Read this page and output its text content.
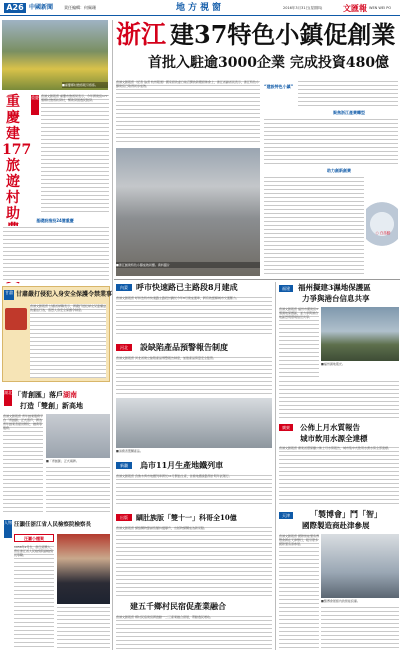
A26 中國新聞	責任編輯：何佩珊	地方視窗	2016年3月31日(星期四)	文匯報 WEN WEI PO
■重慶鄉村旅遊吸引遊客。
重慶建177旅遊村助
重慶 香港文匯報訊 重慶市旅遊局表示，今年將建設177個鄉村旅遊扶貧村，幫助貧困農民脫貧。
基礎設施投24億重慶
甘肅 甘肅嚴打侵犯入身安全保護令禁業事
香港文匯報訊 甘肅省婦聯表示，將嚴打侵犯婦女兒童權益的違法行為，落實人身安全保護令制度。
湖北 「青創匯」落戶湖南
打造「雙創」新高地
香港文匯報訊 青年創業服務平台「青創匯」正式落戶，將為青年創業者提供孵化、融資等服務。
■「青創匯」正式揭牌。
人物 汪灝任浙江省人民檢察院檢察長
汪灝小檔案
1958年2月生，浙江紹興人，曾任浙江省人民檢察院副檢察長等職。
浙江 建37特色小鎮促創業
首批入駐逾3000企業 完成投資480億
香港文匯報訊（記者 翁書 杭州報道）國家發改委日前召開的新聞發佈會上，浙江省副省長表示，浙江特色小鎮建設已取得初步成效。
■浙江創建特色小鎮成效初顯。資料圖片
“建設特色小鎮”
聚焦浙江產業轉型
助力創新創業
○ 白話動
內蒙	呼市快速路已主路段8月建成
香港文匯報訊 呼和浩特市快速路主路段計劃於今年8月建成通車，將有效緩解城市交通壓力。
河北	設缺陷產品預警報告制度
香港文匯報訊 河北省建立缺陷產品預警報告制度，加強產品質量安全監管。
■消費者選購產品。
新疆	烏市11月生產地鐵列車
香港文匯報訊 烏魯木齊市地鐵列車將於11月開始生產，首條地鐵線路預計明年試運行。
出版	瞓肚族版「雙十一」科哥全10億
香港文匯報訊 網絡購物節銷售額持續攀升，出版物網購成為新亮點。
建五千鄉村民宿促產業融合
香港文匯報訊 鄉村民宿建設將推動一二三產業融合發展，帶動農民增收。
福建	福州擬建3濕地保護區
力爭與港台信息共享
香港文匯報訊 福州市擬建設3個濕地保護區，並力爭與港台地區實現環境信息共享。
■福州濕地風光。
廣東	公佈上月水質報告
城市飲用水源全達標
香港文匯報訊 廣東省環保廳公佈上月水質報告，城市集中式飲用水源水質全部達標。
天津	「製博會」鬥「智」
國際製造商赴津參展
香港文匯報訊 國際智能製造博覽會將在天津舉行，吸引眾多國際製造商參展。
■製博會展館內的智能設備。
